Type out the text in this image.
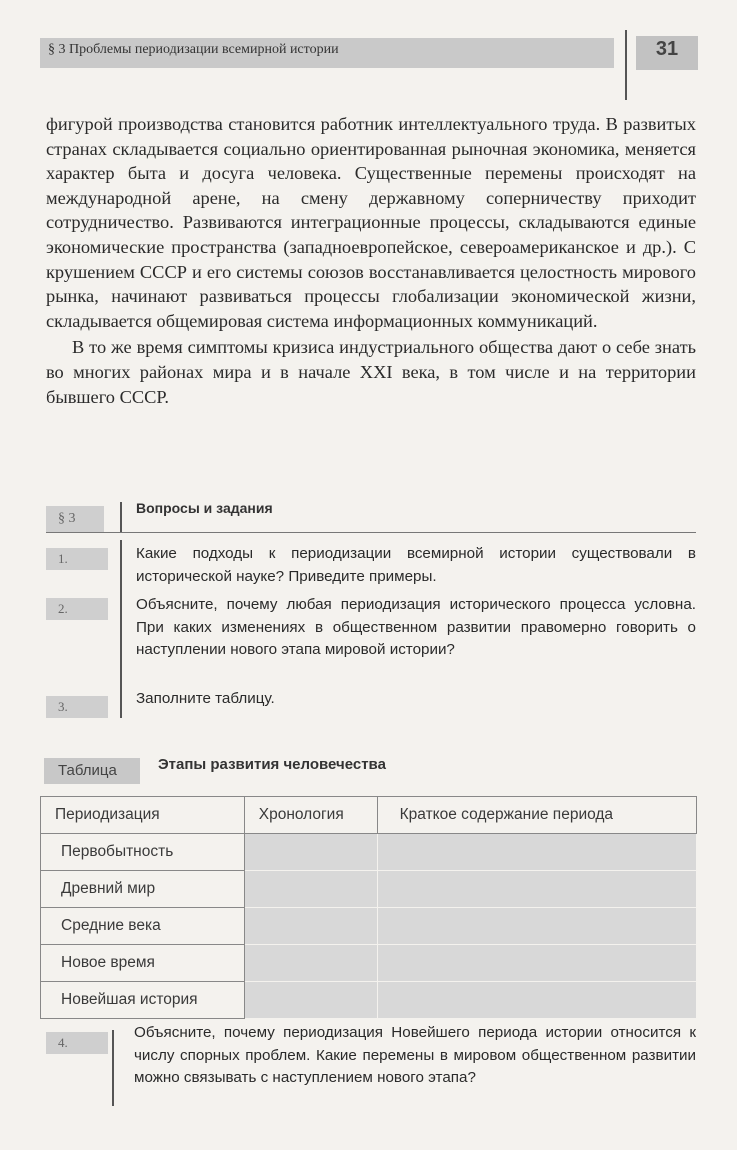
§ 3 Проблемы периодизации всемирной истории	31

фигурой производства становится работник интеллектуального труда. В развитых странах складывается социально ориентированная рыночная экономика, меняется характер быта и досуга человека. Существенные перемены происходят на международной арене, на смену державному соперничеству приходит сотрудничество. Развиваются интеграционные процессы, складываются единые экономические пространства (западноевропейское, североамериканское и др.). С крушением СССР и его системы союзов восстанавливается целостность мирового рынка, начинают развиваться процессы глобализации экономической жизни, складывается общемировая система информационных коммуникаций.

В то же время симптомы кризиса индустриального общества дают о себе знать во многих районах мира и в начале XXI века, в том числе и на территории бывшего СССР.

§ 3
Вопросы и задания
1.	Какие подходы к периодизации всемирной истории существовали в исторической науке? Приведите примеры.
2.	Объясните, почему любая периодизация исторического процесса условна. При каких изменениях в общественном развитии правомерно говорить о наступлении нового этапа мировой истории?
3.	Заполните таблицу.
Таблица	Этапы развития человечества
Периодизация	Хронология	Краткое содержание периода
Первобытность		
Древний мир		
Средние века		
Новое время		
Новейшая история		
4.
Объясните, почему периодизация Новейшего периода истории относится к числу спорных проблем. Какие перемены в мировом общественном развитии можно связывать с наступлением нового этапа?
